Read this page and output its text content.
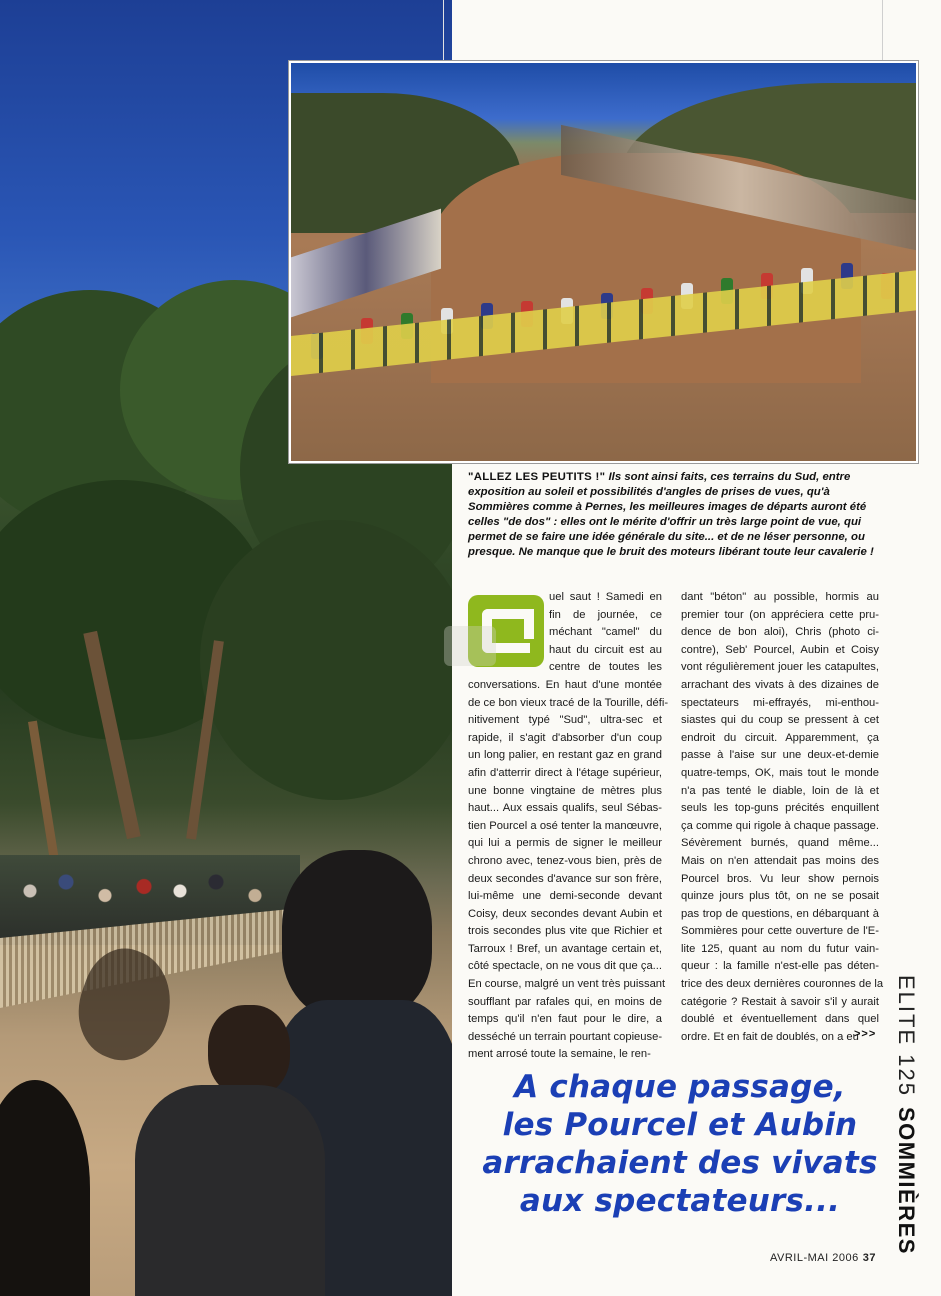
"ALLEZ LES PEUTITS !" Ils sont ainsi faits, ces terrains du Sud, entre exposition au soleil et possibilités d'angles de prises de vues, qu'à Sommières comme à Pernes, les meilleures images de départs auront été celles "de dos" : elles ont le mérite d'offrir un très large point de vue, qui permet de se faire une idée générale du site... et de ne léser personne, ou presque. Ne manque que le bruit des moteurs libérant toute leur cavalerie !
uel saut ! Samedi en
fin de journée, ce
méchant "camel" du
haut du circuit est au
centre de toutes les
conversations. En haut d'une montée
de ce bon vieux tracé de la Tourille, défi-
nitivement typé "Sud", ultra-sec et
rapide, il s'agit d'absorber d'un coup
un long palier, en restant gaz en grand
afin d'atterrir direct à l'étage supérieur,
une bonne vingtaine de mètres plus
haut... Aux essais qualifs, seul Sébas-
tien Pourcel a osé tenter la manœuvre,
qui lui a permis de signer le meilleur
chrono avec, tenez-vous bien, près de
deux secondes d'avance sur son frère,
lui-même une demi-seconde devant
Coisy, deux secondes devant Aubin et
trois secondes plus vite que Richier et
Tarroux ! Bref, un avantage certain et,
côté spectacle, on ne vous dit que ça...
En course, malgré un vent très puissant
soufflant par rafales qui, en moins de
temps qu'il n'en faut pour le dire, a
desséché un terrain pourtant copieuse-
ment arrosé toute la semaine, le ren-
dant "béton" au possible, hormis au
premier tour (on appréciera cette pru-
dence de bon aloi), Chris (photo ci-
contre), Seb' Pourcel, Aubin et Coisy
vont régulièrement jouer les catapultes,
arrachant des vivats à des dizaines de
spectateurs mi-effrayés, mi-enthou-
siastes qui du coup se pressent à cet
endroit du circuit. Apparemment, ça
passe à l'aise sur une deux-et-demie
quatre-temps, OK, mais tout le monde
n'a pas tenté le diable, loin de là et
seuls les top-guns précités enquillent
ça comme qui rigole à chaque passage.
Sévèrement burnés, quand même...
Mais on n'en attendait pas moins des
Pourcel bros. Vu leur show pernois
quinze jours plus tôt, on ne se posait
pas trop de questions, en débarquant à
Sommières pour cette ouverture de l'E-
lite 125, quant au nom du futur vain-
queur : la famille n'est-elle pas déten-
trice des deux dernières couronnes de la
catégorie ? Restait à savoir s'il y aurait
doublé et éventuellement dans quel
ordre. Et en fait de doublés, on a eu
>>>
A chaque passage,
les Pourcel et Aubin
arrachaient des vivats
aux spectateurs...
ELITE 125
SOMMIÈRES
AVRIL-MAI 2006 37
